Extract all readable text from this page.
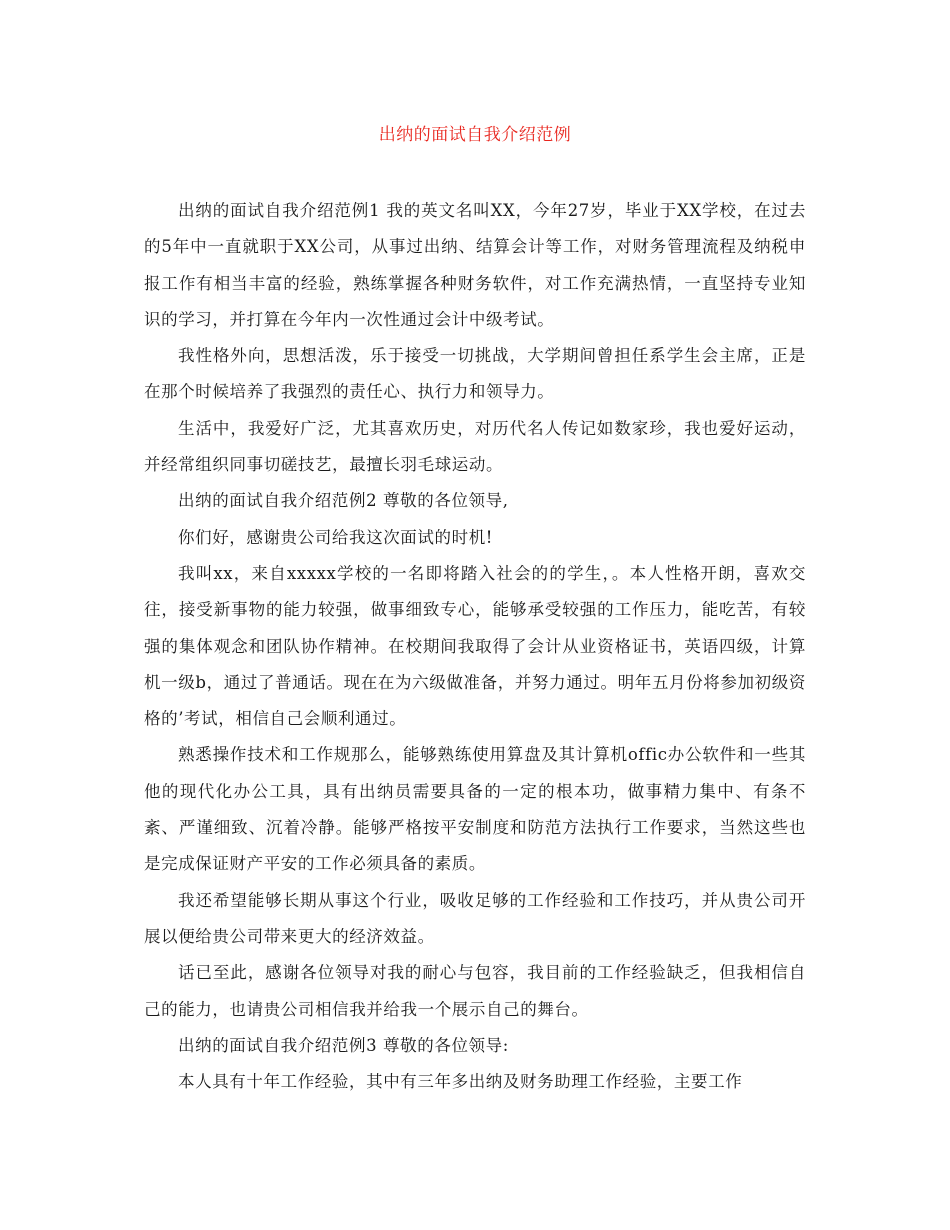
出纳的面试自我介绍范例

出纳的面试自我介绍范例1 我的英文名叫XX，今年27岁，毕业于XX学校，在过去的5年中一直就职于XX公司，从事过出纳、结算会计等工作，对财务管理流程及纳税申报工作有相当丰富的经验，熟练掌握各种财务软件，对工作充满热情，一直坚持专业知识的学习，并打算在今年内一次性通过会计中级考试。

我性格外向，思想活泼，乐于接受一切挑战，大学期间曾担任系学生会主席，正是在那个时候培养了我强烈的责任心、执行力和领导力。

生活中，我爱好广泛，尤其喜欢历史，对历代名人传记如数家珍，我也爱好运动，并经常组织同事切磋技艺，最擅长羽毛球运动。

出纳的面试自我介绍范例2 尊敬的各位领导,

你们好，感谢贵公司给我这次面试的时机!

我叫xx，来自xxxxx学校的一名即将踏入社会的的学生，。本人性格开朗，喜欢交往，接受新事物的能力较强，做事细致专心，能够承受较强的工作压力，能吃苦，有较强的集体观念和团队协作精神。在校期间我取得了会计从业资格证书，英语四级，计算机一级b，通过了普通话。现在在为六级做准备，并努力通过。明年五月份将参加初级资格的’考试，相信自己会顺利通过。

熟悉操作技术和工作规那么，能够熟练使用算盘及其计算机offic办公软件和一些其他的现代化办公工具，具有出纳员需要具备的一定的根本功，做事精力集中、有条不紊、严谨细致、沉着冷静。能够严格按平安制度和防范方法执行工作要求，当然这些也是完成保证财产平安的工作必须具备的素质。

我还希望能够长期从事这个行业，吸收足够的工作经验和工作技巧，并从贵公司开展以便给贵公司带来更大的经济效益。

话已至此，感谢各位领导对我的耐心与包容，我目前的工作经验缺乏，但我相信自己的能力，也请贵公司相信我并给我一个展示自己的舞台。

出纳的面试自我介绍范例3 尊敬的各位领导:

本人具有十年工作经验，其中有三年多出纳及财务助理工作经验，主要工作
